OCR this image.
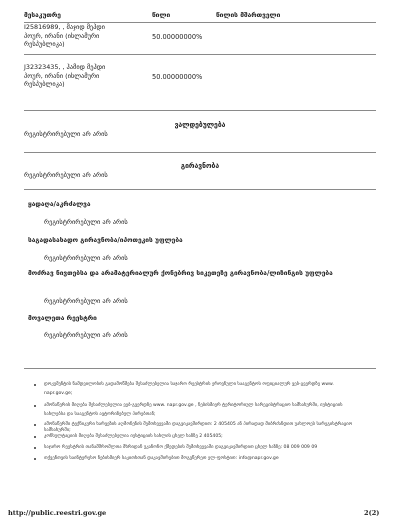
მესაკუთრე	წილი	წილის მშართველი
I25816989, , მაჯიდ მეჰდი
პოურ, ირანი (ისლამური
რესპუბლიკა)
50.00000000%
J32323435, , ჰამიდ მეჰდი
პოურ, ირანი (ისლამური
რესპუბლიკა)
50.00000000%
ვალდებულება
რეგისტრირებული არ არის
გირავნობა
რეგისტრირებული არ არის
ყადაღა/აკრძალვა
რეგისტრირებული არ არის
საგადასახადო გირავნობა/იპოთეკის უფლება
რეგისტრირებული არ არის
მოძრავ ნივთებსა და არამატერიალურ ქონებრივ სიკეთეზე გირავნობა/ლიზინგის უფლება
რეგისტრირებული არ არის
მოვალეთა რეესტრი
რეგისტრირებული არ არის
დოკუმენტის ნამდვილობის გადამოწმება შესაძლებელია საჯარო რეესტრის ეროვნული სააგენტოს ოფიციალურ ვებ-გვერდზე www.
napr.gov.ge;
ამონაწერის მიღება შესაძლებელია ვებ-გვერდზე www. napr.gov.ge , ნებისმიერ ტერიტორიულ სარეგისტრაციო სამსახურში, იუსტიციის
სახლებსა და სააგენტოს ავტორიზებულ პირებთან;
ამონაწერში ტექნიკური ხარვეზის აღმოჩენის შემთხვევაში დაგვიკავშირდით: 2 405405 ან პირადად მიბრძანდით უახლოეს სარეგისტრაციო სამსახურში;
კონსულტაციის მიღება შესაძლებელია იუსტიციის სახლის ცხელ ხაზზე 2 405405;
საჯარო რეესტრის თანამშრომლთა მხრიდან უკანონო ქმედების შემთხვევაში დაგვიკავშირდით ცხელ ხაზზე: 08 009 009 09
თქვენთვის საინტერესო ნებისმიერ საკითხთან დაკავშირებით მოგვწერეთ ელ-ფოსტით: info@napr.gov.ge
http://public.reestri.gov.ge	2(2)
